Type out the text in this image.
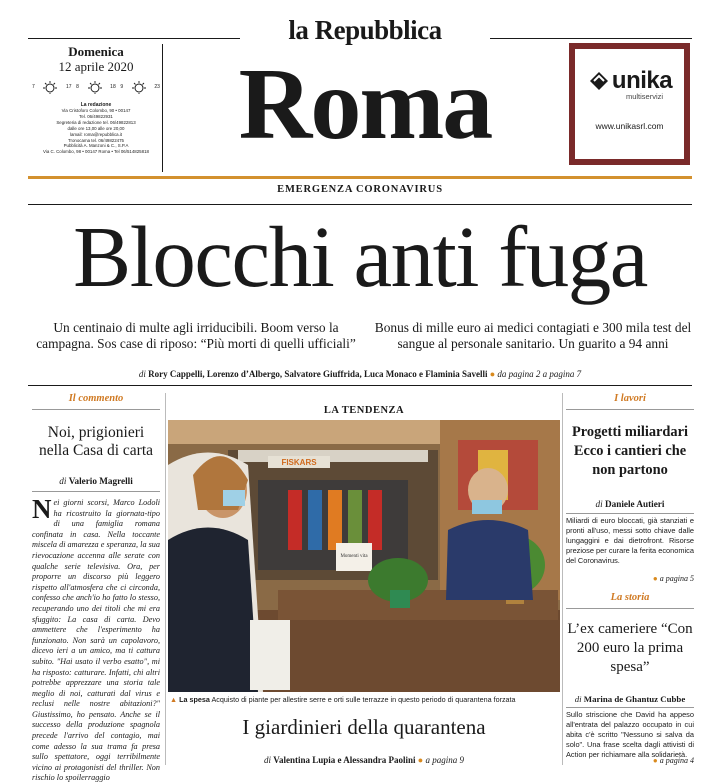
la Repubblica
Domenica
12 aprile 2020
7	17 8	18 9	23
La redazione
Via Cristoforo Colombo, 90 • 00147
Tel. 06/49822931
Segreteria di redazione tel. 06/49822813
dalle ore 13,00 alle ore 20,00
lamail: roma@repubblica.it
Tronocama tel. 06/49822475
Pubblicità A. Manzoni & C., S.P.A
Via C. Colombo, 98 • 00147 Roma • Tel 06/514825818 Roma	unika
multiservizi
www.unikasrl.com
EMERGENZA CORONAVIRUS
Blocchi anti fuga
Un centinaio di multe agli irriducibili. Boom verso la campagna. Sos case di riposo: “Più morti di quelli ufficiali”
Bonus di mille euro ai medici contagiati e 300 mila test del sangue al personale sanitario. Un guarito a 94 anni
di Rory Cappelli, Lorenzo d’Albergo, Salvatore Giuffrida, Luca Monaco e Flaminia Savelli ● da pagina 2 a pagina 7
Il commento
Noi, prigionieri nella Casa di carta
di Valerio Magrelli
Nei giorni scorsi, Marco Lodoli ha ricostruito la giornata-tipo di una famiglia romana confinata in casa. Nella toccante miscela di amarezza e speranza, la sua rievocazione accenna alle serate con qualche serie televisiva. Ora, per proporre un discorso più leggero rispetto all'atmosfera che ci circonda, confesso che anch'io ho fatto lo stesso, recuperando uno dei titoli che mi era sfuggito: La casa di carta. Devo ammettere che l'esperimento ha funzionato. Non sarà un capolavoro, dicevo ieri a un amico, ma ti cattura subito. "Hai usato il verbo esatto", mi ha risposto: catturare. Infatti, chi altri potrebbe apprezzare una storia tale meglio di noi, catturati dal virus e reclusi nelle nostre abitazioni?" Giustissimo, ho pensato. Anche se il successo della produzione spagnola precede l'arrivo del contagio, mai come adesso la sua trama fa presa sullo spettatore, oggi terribilmente vicino ai protagonisti del thriller. Non rischio lo spoilerraggio
LA TENDENZA
FISKARS
Momenti vita
▲ La spesa Acquisto di piante per allestire serre e orti sulle terrazze in questo periodo di quarantena forzata
I giardinieri della quarantena
di Valentina Lupia e Alessandra Paolini ● a pagina 9
I lavori
Progetti miliardari Ecco i cantieri che non partono
di Daniele Autieri
Miliardi di euro bloccati, già stanziati e pronti all'uso, messi sotto chiave dalle lungaggini e dai dietrofront. Risorse preziose per curare la ferita economica del Coronavirus.
● a pagina 5
La storia
L’ex cameriere “Con 200 euro la prima spesa”
di Marina de Ghantuz Cubbe
Sullo striscione che David ha appeso all'entrata del palazzo occupato in cui abita c'è scritto "Nessuno si salva da solo". Una frase scelta dagli attivisti di Action per richiamare alla solidarietà.
● a pagina 4
